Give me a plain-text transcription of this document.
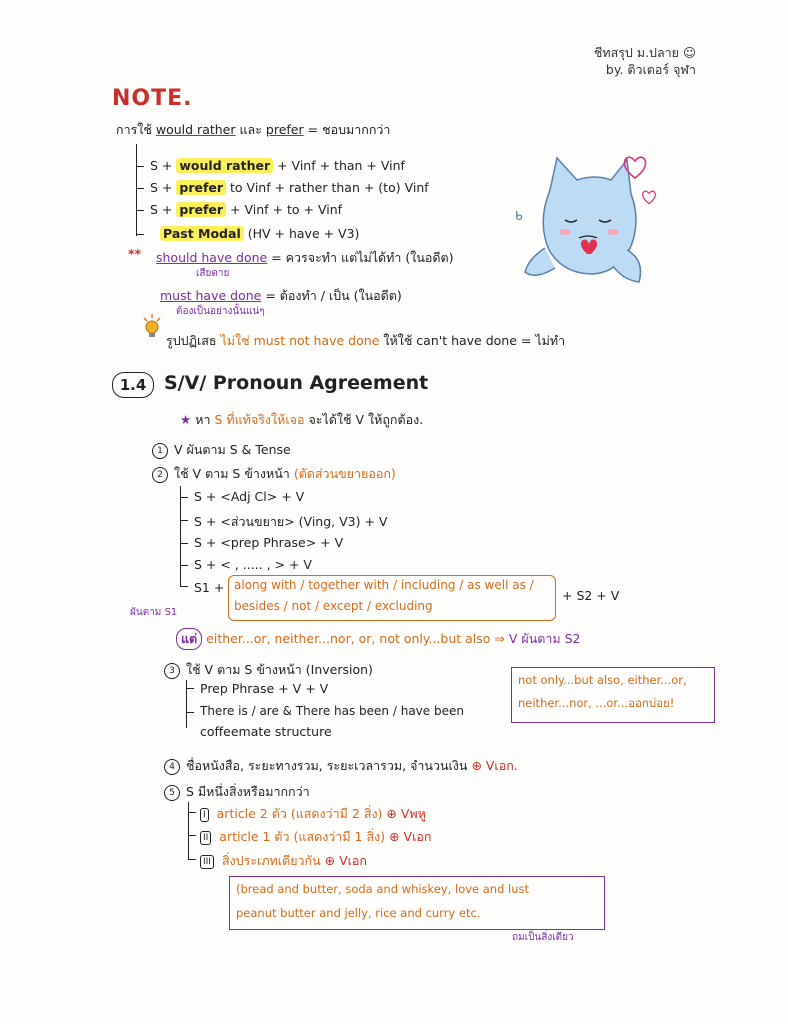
ชีทสรุป ม.ปลาย ☺
by. ติวเตอร์ จุฬา
NOTE.
การใช้ would rather และ prefer = ชอบมากกว่า
S + would rather + Vinf + than + Vinf
S + prefer to Vinf + rather than + (to) Vinf
S + prefer + Vinf + to + Vinf
Past Modal (HV + have + V3)
** should have done = ควรจะทำ แต่ไม่ได้ทำ (ในอดีต)
เสียดาย
must have done = ต้องทำ / เป็น (ในอดีต)
ต้องเป็นอย่างนั้นแน่ๆ
รูปปฏิเสธ ไม่ใช่ must not have done ให้ใช้ can't have done = ไม่ทำ
ᑲ
1.4 S/V/ Pronoun Agreement
★ หา S ที่แท้จริงให้เจอ จะได้ใช้ V ให้ถูกต้อง.
1 V ผันตาม S & Tense
2 ใช้ V ตาม S ข้างหน้า (ตัดส่วนขยายออก)
S + <Adj Cl> + V
S + <ส่วนขยาย> (Ving, V3) + V
S + <prep Phrase> + V
S + < , ..... , > + V
S1 + along with / together with / including / as well as /
besides / not / except / excluding
+ S2 + V
ผันตาม S1
แต่ either...or, neither...nor, or, not only...but also ⇒ V ผันตาม S2
3 ใช้ V ตาม S ข้างหน้า (Inversion)
Prep Phrase + V + V
There is / are & There has been / have been
coffeemate structure
not only...but also, either...or,
neither...nor, ...or...ออกบ่อย!
4 ชื่อหนังสือ, ระยะทางรวม, ระยะเวลารวม, จำนวนเงิน ⊕ Vเอก.
5 S มีหนึ่งสิ่งหรือมากกว่า
I article 2 ตัว (แสดงว่ามี 2 สิ่ง) ⊕ Vพหู
II article 1 ตัว (แสดงว่ามี 1 สิ่ง) ⊕ Vเอก
III สิ่งประเภทเดียวกัน ⊕ Vเอก
(bread and butter, soda and whiskey, love and lust
peanut butter and jelly, rice and curry etc.
ถมเป็นสิ่งเดียว
